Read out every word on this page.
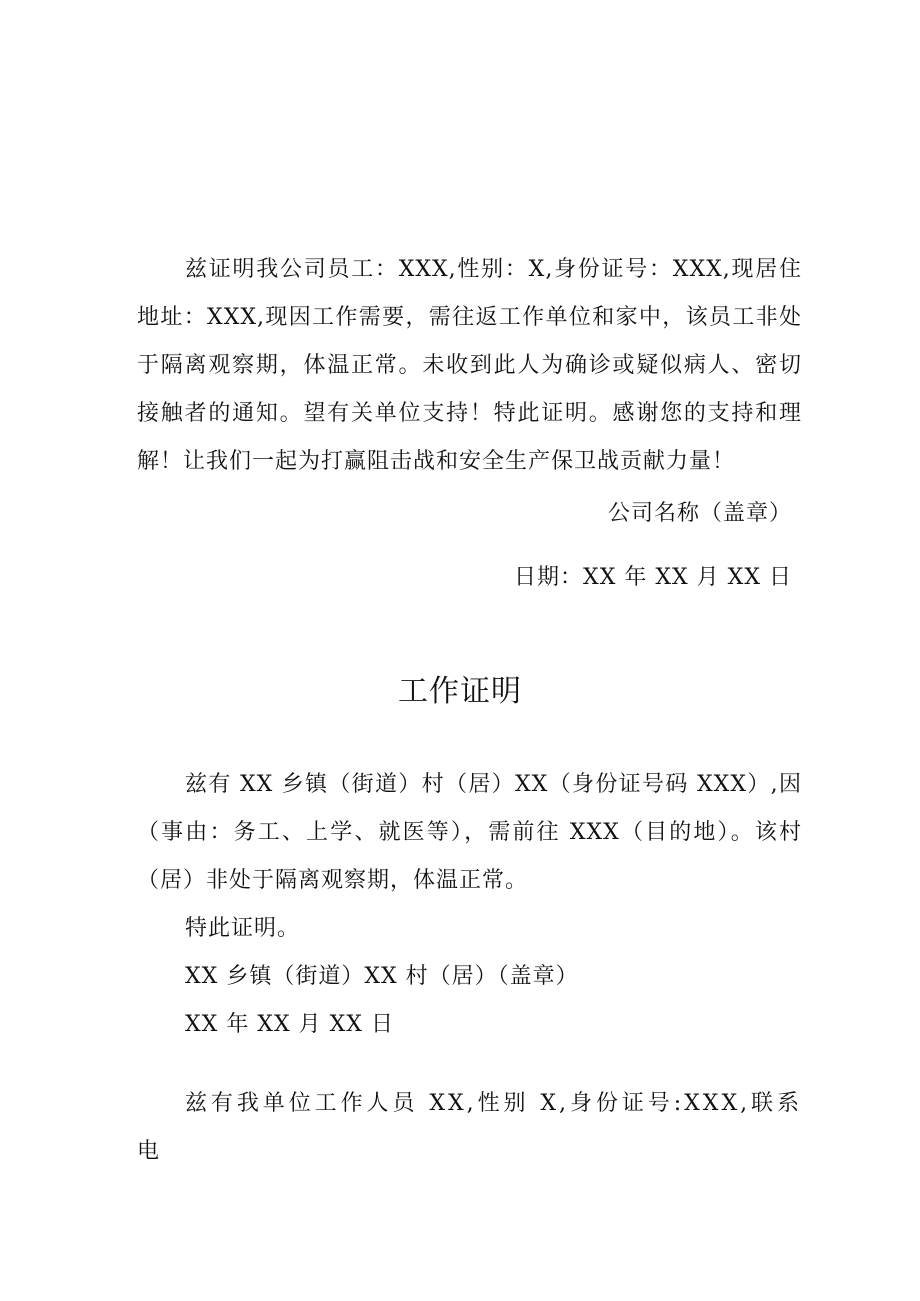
兹证明我公司员工：XXX,性别：X,身份证号：XXX,现居住地址：XXX,现因工作需要，需往返工作单位和家中，该员工非处于隔离观察期，体温正常。未收到此人为确诊或疑似病人、密切接触者的通知。望有关单位支持！特此证明。感谢您的支持和理解！让我们一起为打赢阻击战和安全生产保卫战贡献力量！

公司名称（盖章）

日期：XX 年 XX 月 XX 日

工作证明

兹有 XX 乡镇（街道）村（居）XX（身份证号码 XXX）,因（事由：务工、上学、就医等），需前往 XXX（目的地）。该村（居）非处于隔离观察期，体温正常。

特此证明。

XX 乡镇（街道）XX 村（居）（盖章）

XX 年 XX 月 XX 日

兹有我单位工作人员 XX,性别 X,身份证号:XXX,联系电
